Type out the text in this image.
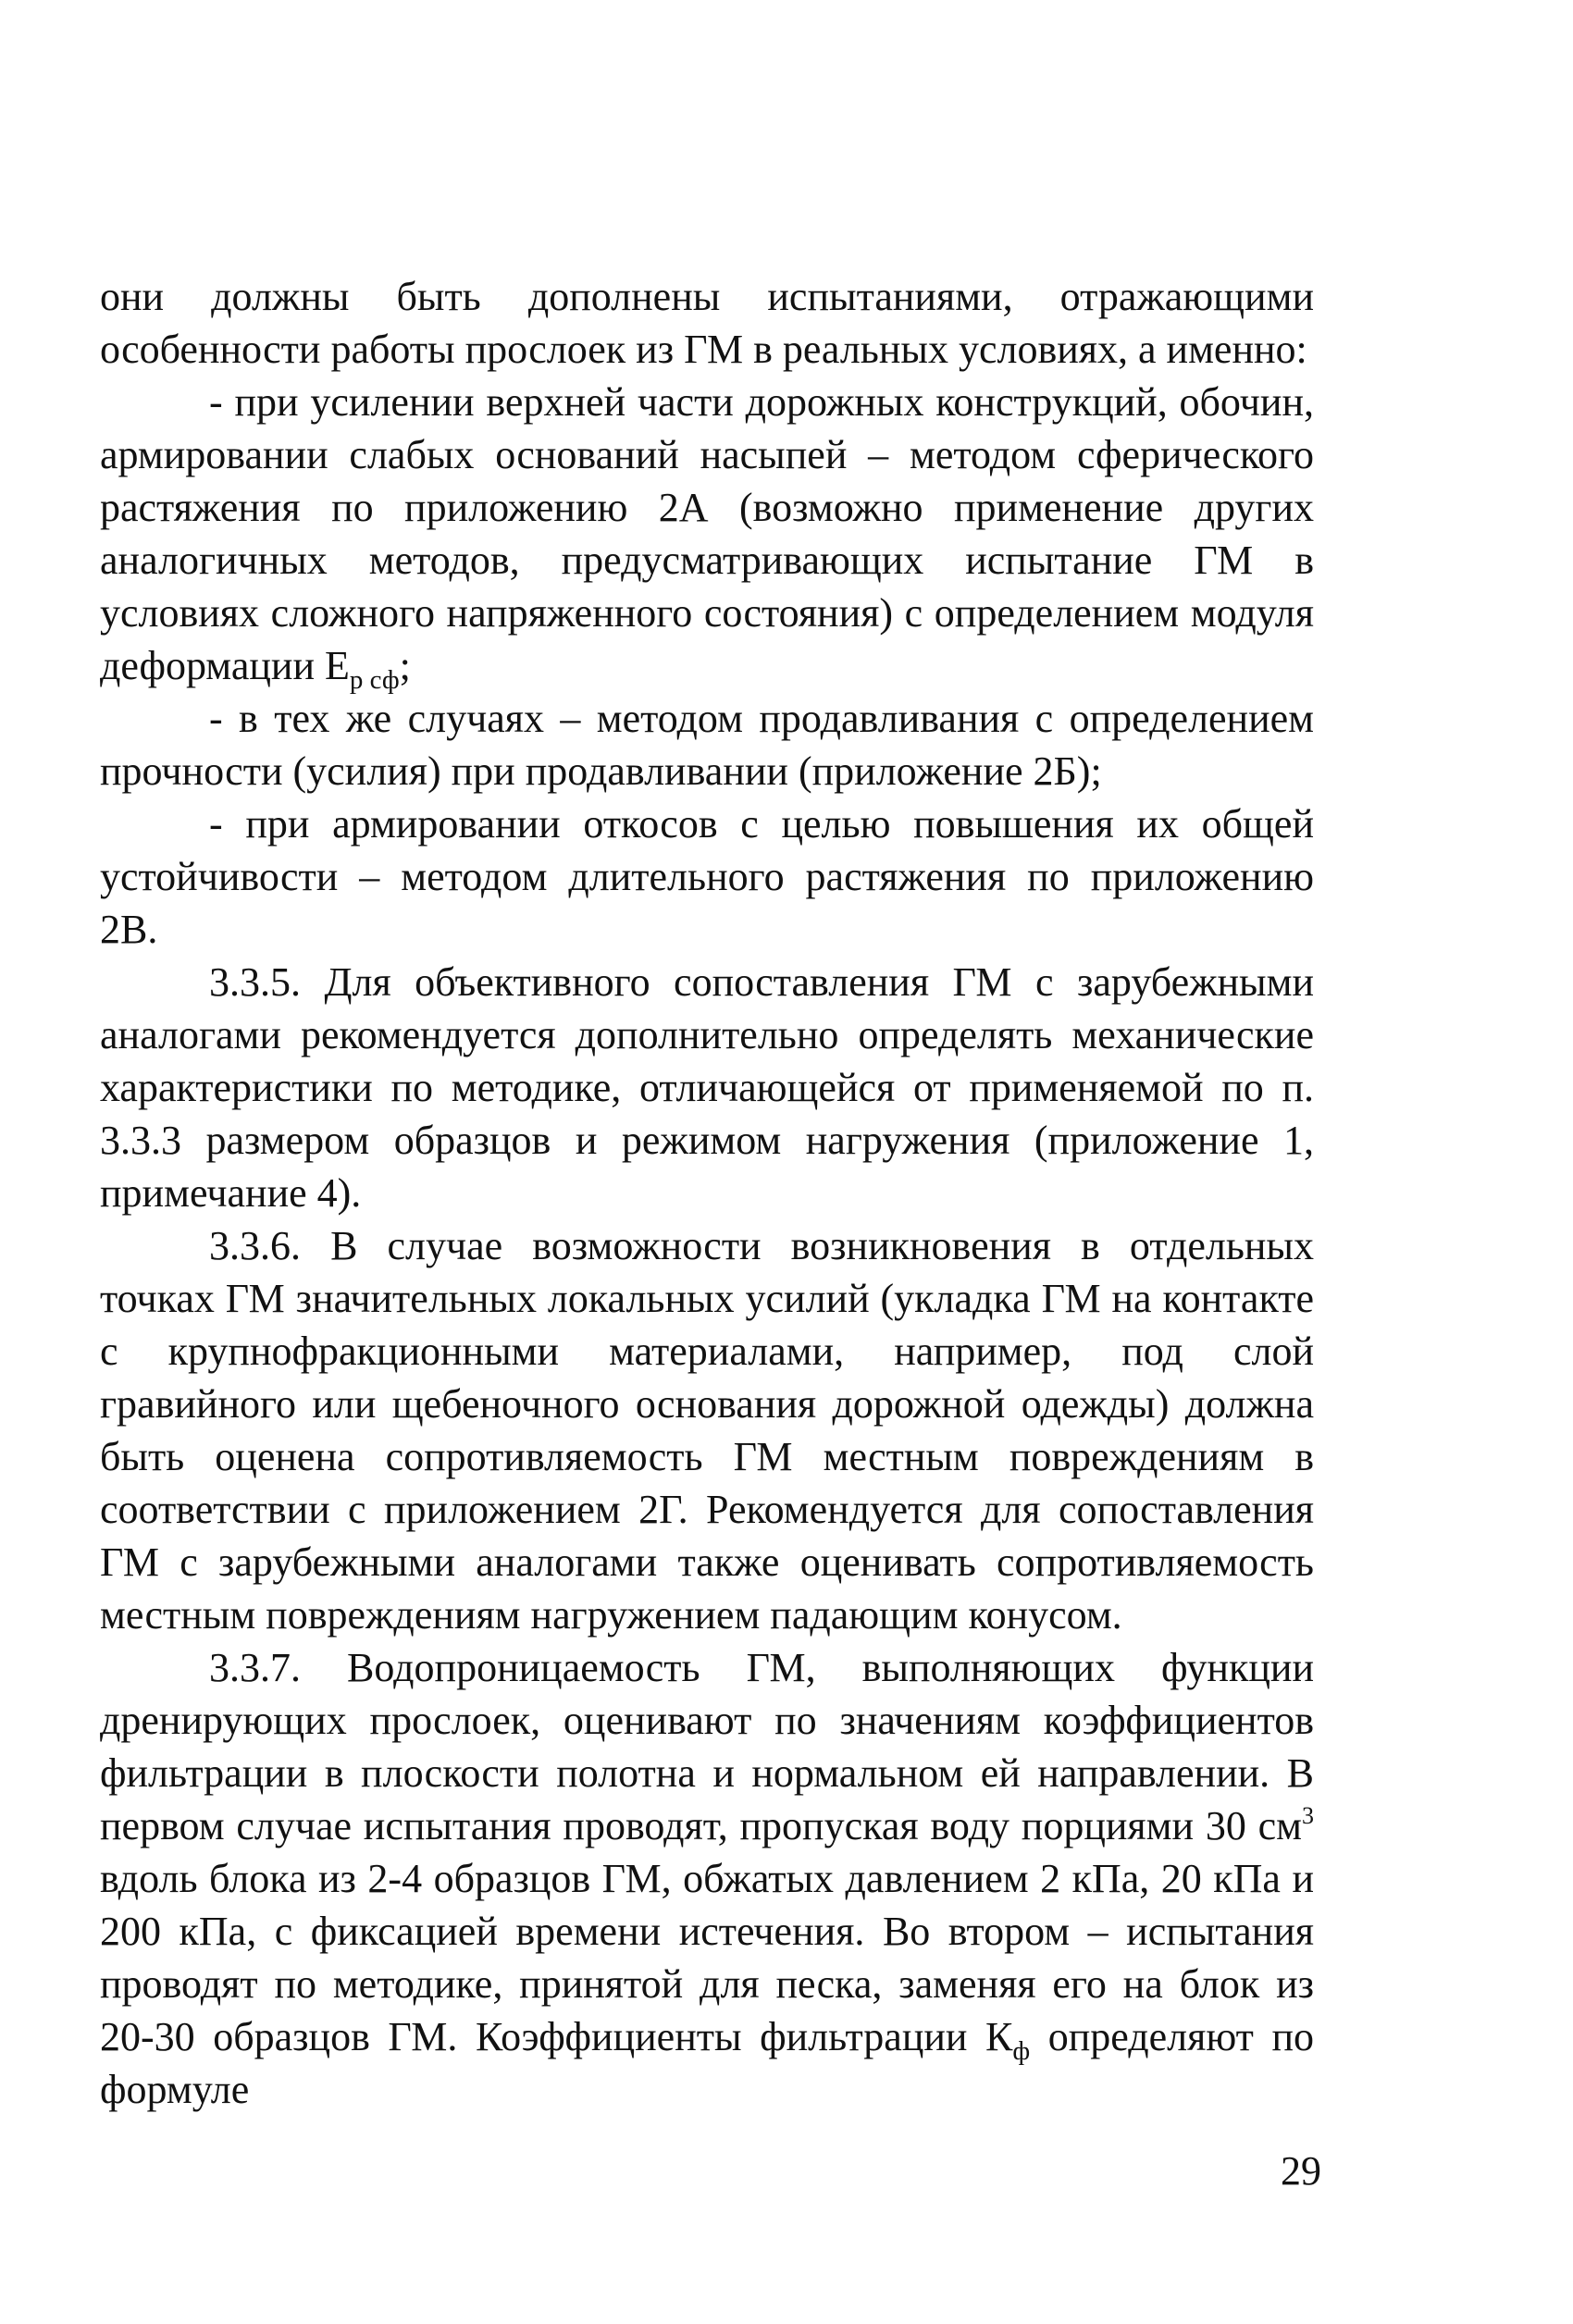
они должны быть дополнены испытаниями, отражающими особенности работы прослоек из ГМ в реальных условиях, а именно:

- при усилении верхней части дорожных конструкций, обочин, армировании слабых оснований насыпей – методом сферического растяжения по приложению 2А (возможно применение других аналогичных методов, предусматривающих испытание ГМ в условиях сложного напряженного состояния) с определением модуля деформации $Е_{р сф}$;

- в тех же случаях – методом продавливания с определением прочности (усилия) при продавливании (приложение 2Б);

- при армировании откосов с целью повышения их общей устойчивости – методом длительного растяжения по приложению 2В.

3.3.5. Для объективного сопоставления ГМ с зарубежными аналогами рекомендуется дополнительно определять механические характеристики по методике, отличающейся от применяемой по п. 3.3.3 размером образцов и режимом нагружения (приложение 1, примечание 4).

3.3.6. В случае возможности возникновения в отдельных точках ГМ значительных локальных усилий (укладка ГМ на контакте с крупнофракционными материалами, например, под слой гравийного или щебеночного основания дорожной одежды) должна быть оценена сопротивляемость ГМ местным повреждениям в соответствии с приложением 2Г. Рекомендуется для сопоставления ГМ с зарубежными аналогами также оценивать сопротивляемость местным повреждениям нагружением падающим конусом.

3.3.7. Водопроницаемость ГМ, выполняющих функции дренирующих прослоек, оценивают по значениям коэффициентов фильтрации в плоскости полотна и нормальном ей направлении. В первом случае испытания проводят, пропуская воду порциями 30 $см^3$ вдоль блока из 2-4 образцов ГМ, обжатых давлением 2 кПа, 20 кПа и 200 кПа, с фиксацией времени истечения. Во втором – испытания проводят по методике, принятой для песка, заменяя его на блок из 20-30 образцов ГМ. Коэффициенты фильтрации $К_ф$ определяют по формуле

29
